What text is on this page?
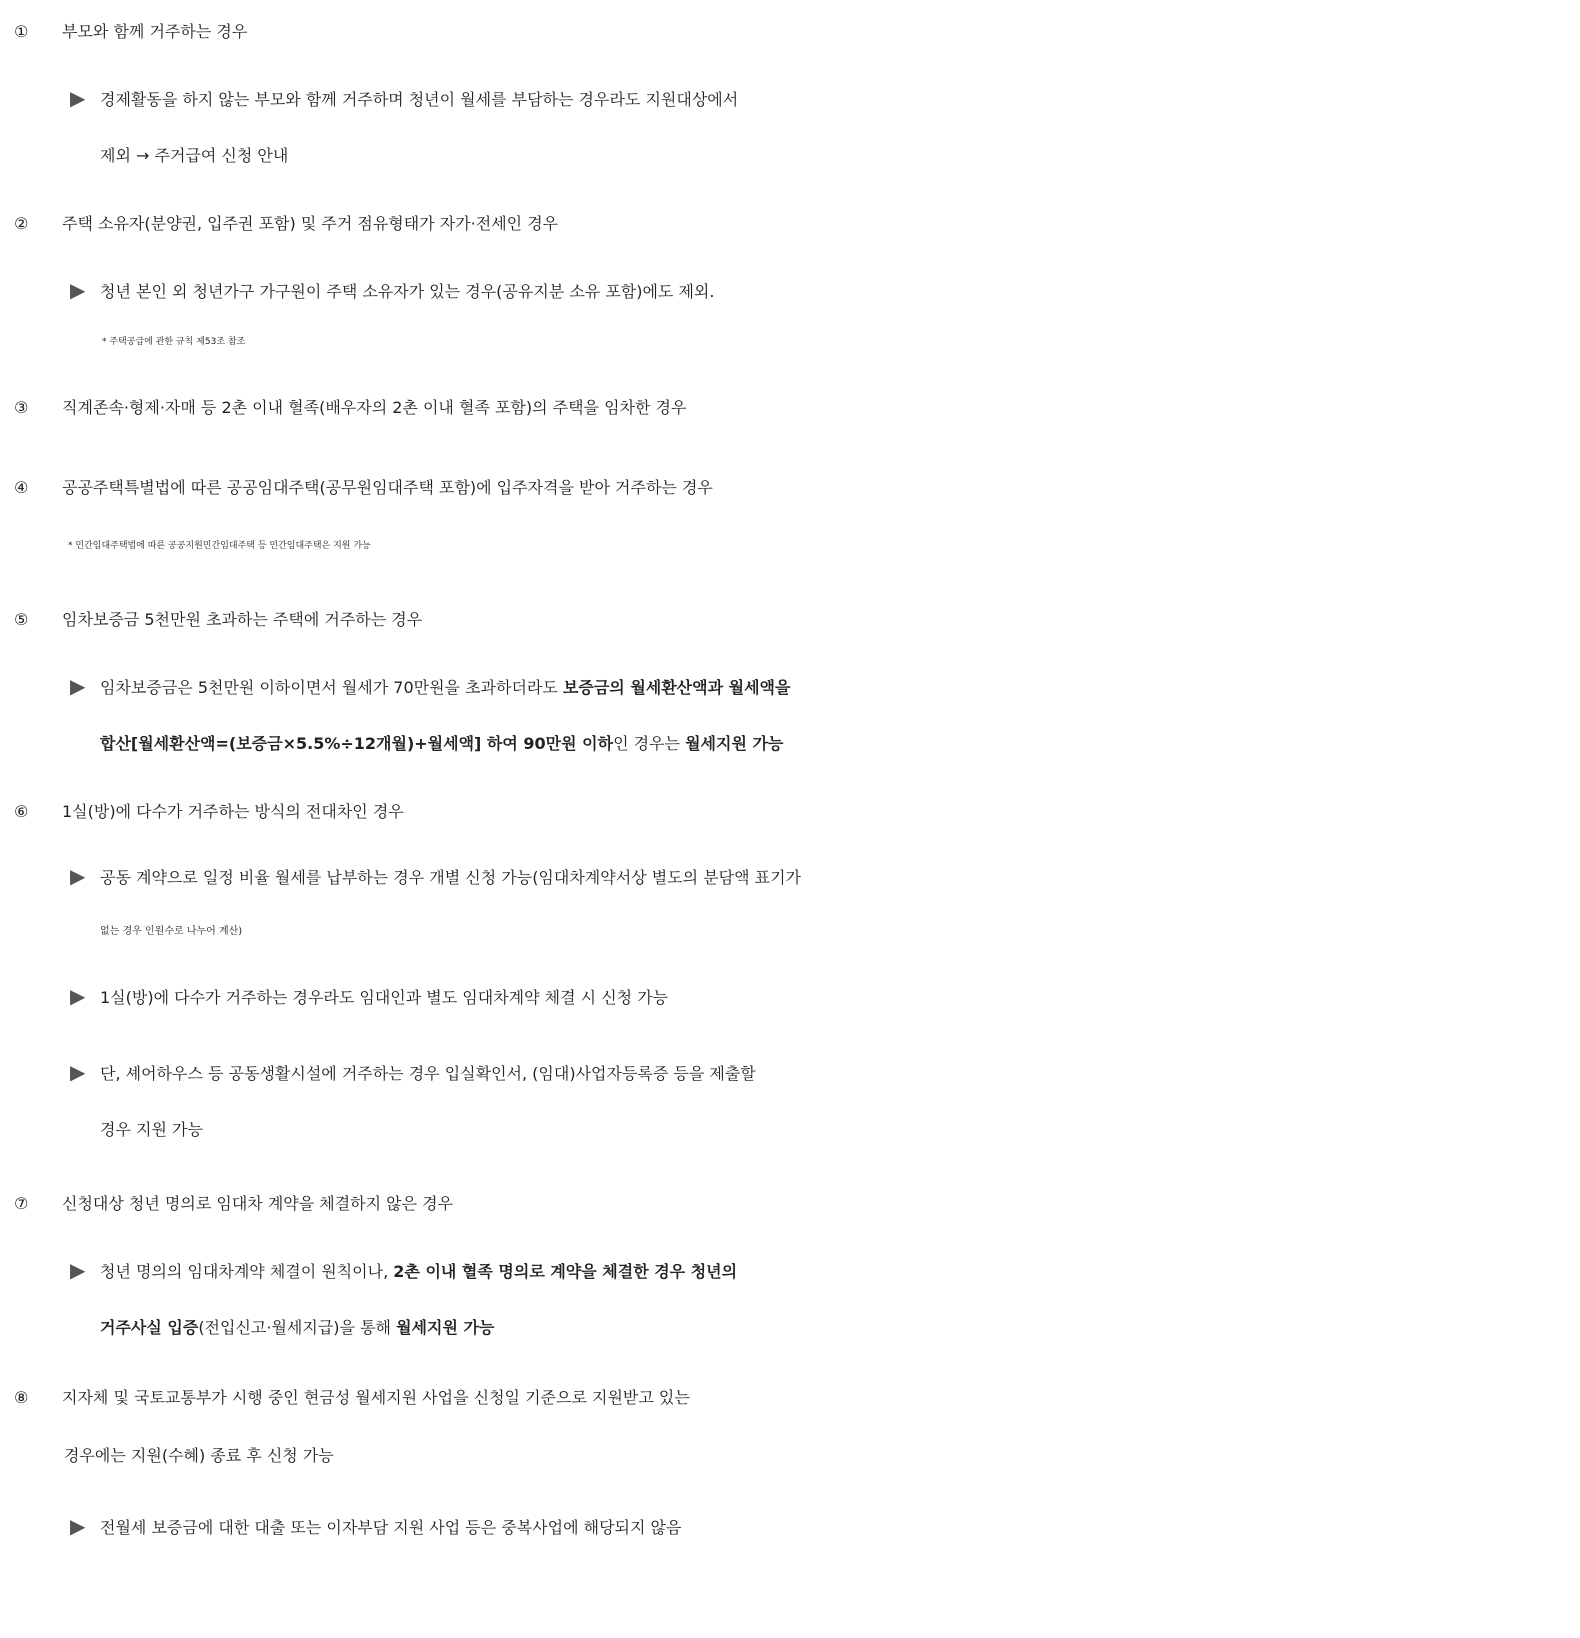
① 부모와 함께 거주하는 경우
▶ 경제활동을 하지 않는 부모와 함께 거주하며 청년이 월세를 부담하는 경우라도 지원대상에서
제외 → 주거급여 신청 안내
② 주택 소유자(분양권, 입주권 포함) 및 주거 점유형태가 자가·전세인 경우
▶ 청년 본인 외 청년가구 가구원이 주택 소유자가 있는 경우(공유지분 소유 포함)에도 제외.
* 주택공급에 관한 규칙 제53조 참조
③ 직계존속·형제·자매 등 2촌 이내 혈족(배우자의 2촌 이내 혈족 포함)의 주택을 임차한 경우
④ 공공주택특별법에 따른 공공임대주택(공무원임대주택 포함)에 입주자격을 받아 거주하는 경우
* 민간임대주택법에 따른 공공지원민간임대주택 등 민간임대주택은 지원 가능
⑤ 임차보증금 5천만원 초과하는 주택에 거주하는 경우
▶ 임차보증금은 5천만원 이하이면서 월세가 70만원을 초과하더라도 보증금의 월세환산액과 월세액을
합산[월세환산액=(보증금×5.5%÷12개월)+월세액] 하여 90만원 이하인 경우는 월세지원 가능
⑥ 1실(방)에 다수가 거주하는 방식의 전대차인 경우
▶ 공동 계약으로 일정 비율 월세를 납부하는 경우 개별 신청 가능(임대차계약서상 별도의 분담액 표기가
없는 경우 인원수로 나누어 계산)
▶ 1실(방)에 다수가 거주하는 경우라도 임대인과 별도 임대차계약 체결 시 신청 가능
▶ 단, 셰어하우스 등 공동생활시설에 거주하는 경우 입실확인서, (임대)사업자등록증 등을 제출할
경우 지원 가능
⑦ 신청대상 청년 명의로 임대차 계약을 체결하지 않은 경우
▶ 청년 명의의 임대차계약 체결이 원칙이나, 2촌 이내 혈족 명의로 계약을 체결한 경우 청년의
거주사실 입증(전입신고·월세지급)을 통해 월세지원 가능
⑧ 지자체 및 국토교통부가 시행 중인 현금성 월세지원 사업을 신청일 기준으로 지원받고 있는
경우에는 지원(수혜) 종료 후 신청 가능
▶ 전월세 보증금에 대한 대출 또는 이자부담 지원 사업 등은 중복사업에 해당되지 않음
